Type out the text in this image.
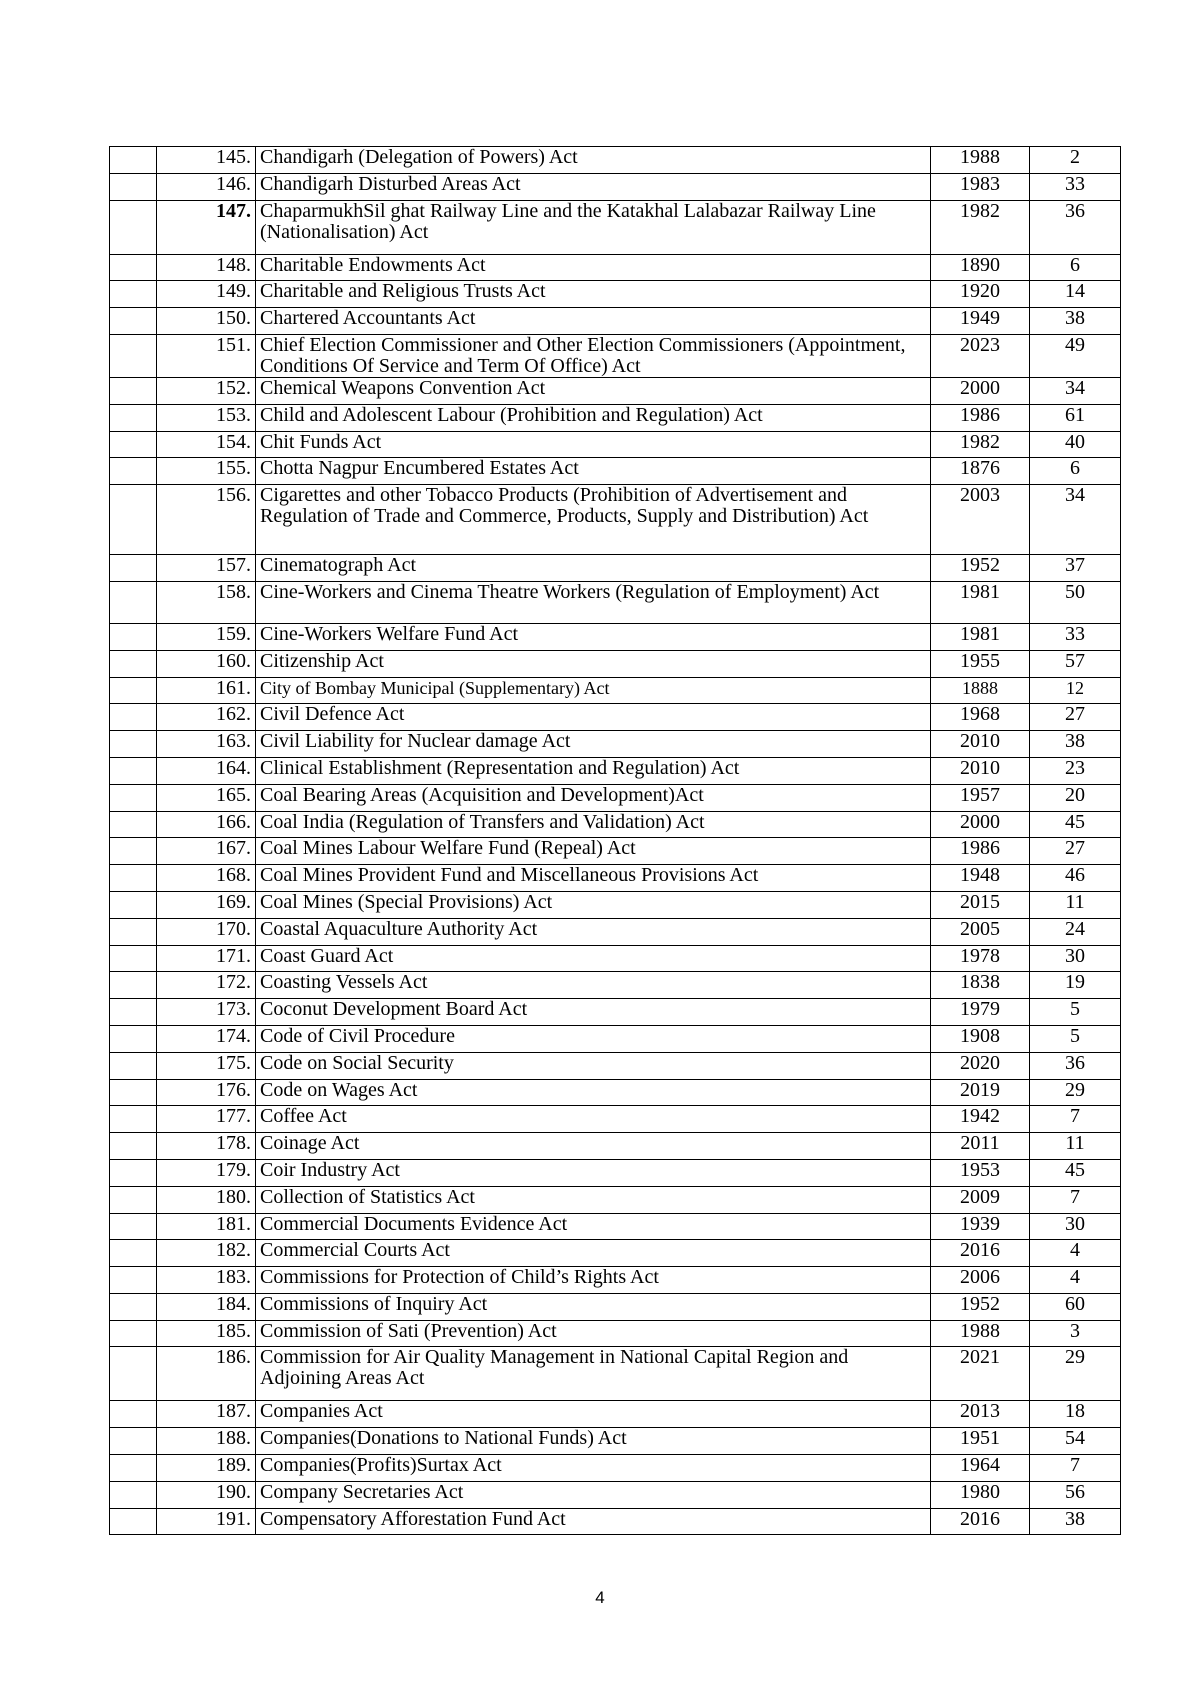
	145.	Chandigarh (Delegation of Powers) Act	1988	2
	146.	Chandigarh Disturbed Areas Act	1983	33
	147.	ChaparmukhSil ghat Railway Line and the Katakhal Lalabazar Railway Line (Nationalisation) Act	1982	36
	148.	Charitable Endowments Act	1890	6
	149.	Charitable and Religious Trusts Act	1920	14
	150.	Chartered Accountants Act	1949	38
	151.	Chief Election Commissioner and Other Election Commissioners (Appointment, Conditions Of Service and Term Of Office) Act	2023	49
	152.	Chemical Weapons Convention Act	2000	34
	153.	Child and Adolescent Labour (Prohibition and Regulation) Act	1986	61
	154.	Chit Funds Act	1982	40
	155.	Chotta Nagpur Encumbered Estates Act	1876	6
	156.	Cigarettes and other Tobacco Products (Prohibition of Advertisement and Regulation of Trade and Commerce, Products, Supply and Distribution) Act	2003	34
	157.	Cinematograph Act	1952	37
	158.	Cine-Workers and Cinema Theatre Workers (Regulation of Employment) Act	1981	50
	159.	Cine-Workers Welfare Fund Act	1981	33
	160.	Citizenship Act	1955	57
	161.	City of Bombay Municipal (Supplementary) Act	1888	12
	162.	Civil Defence Act	1968	27
	163.	Civil Liability for Nuclear damage Act	2010	38
	164.	Clinical Establishment (Representation and Regulation) Act	2010	23
	165.	Coal Bearing Areas (Acquisition and Development)Act	1957	20
	166.	Coal India (Regulation of Transfers and Validation) Act	2000	45
	167.	Coal Mines Labour Welfare Fund (Repeal) Act	1986	27
	168.	Coal Mines Provident Fund and Miscellaneous Provisions Act	1948	46
	169.	Coal Mines (Special Provisions) Act	2015	11
	170.	Coastal Aquaculture Authority Act	2005	24
	171.	Coast Guard Act	1978	30
	172.	Coasting Vessels Act	1838	19
	173.	Coconut Development Board Act	1979	5
	174.	Code of Civil Procedure	1908	5
	175.	Code on Social Security	2020	36
	176.	Code on Wages Act	2019	29
	177.	Coffee Act	1942	7
	178.	Coinage Act	2011	11
	179.	Coir Industry Act	1953	45
	180.	Collection of Statistics Act	2009	7
	181.	Commercial Documents Evidence Act	1939	30
	182.	Commercial Courts Act	2016	4
	183.	Commissions for Protection of Child’s Rights Act	2006	4
	184.	Commissions of Inquiry Act	1952	60
	185.	Commission of Sati (Prevention) Act	1988	3
	186.	Commission for Air Quality Management in National Capital Region and Adjoining Areas Act	2021	29
	187.	Companies Act	2013	18
	188.	Companies(Donations to National Funds) Act	1951	54
	189.	Companies(Profits)Surtax Act	1964	7
	190.	Company Secretaries Act	1980	56
	191.	Compensatory Afforestation Fund Act	2016	38
4
